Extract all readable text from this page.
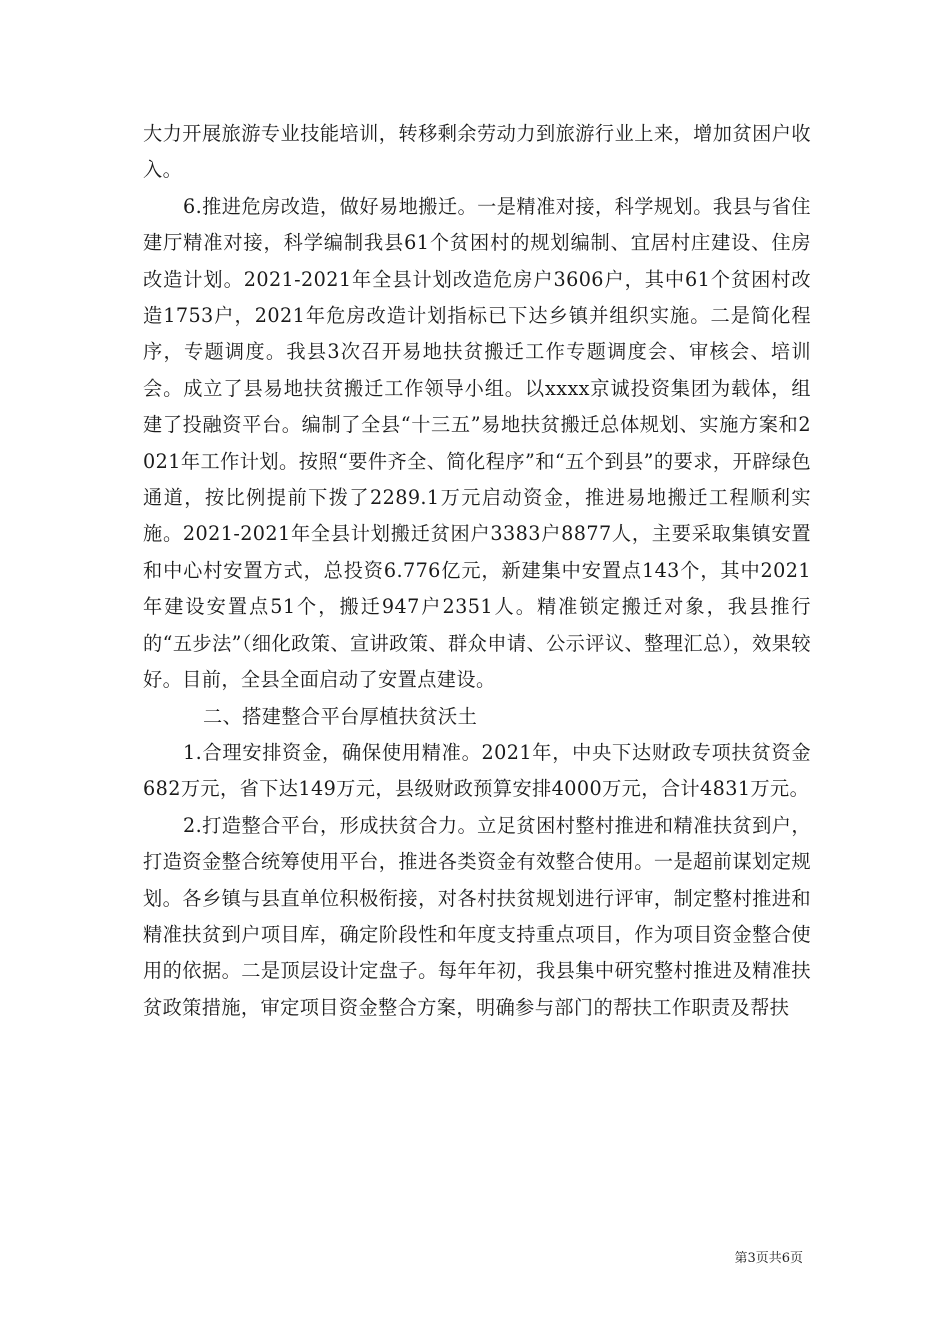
大力开展旅游专业技能培训，转移剩余劳动力到旅游行业上来，增加贫困户收入。

6.推进危房改造，做好易地搬迁。一是精准对接，科学规划。我县与省住建厅精准对接，科学编制我县61个贫困村的规划编制、宜居村庄建设、住房改造计划。2021-2021年全县计划改造危房户3606户，其中61个贫困村改造1753户，2021年危房改造计划指标已下达乡镇并组织实施。二是简化程序，专题调度。我县3次召开易地扶贫搬迁工作专题调度会、审核会、培训会。成立了县易地扶贫搬迁工作领导小组。以xxxx京诚投资集团为载体，组建了投融资平台。编制了全县“十三五”易地扶贫搬迁总体规划、实施方案和2021年工作计划。按照“要件齐全、简化程序”和“五个到县”的要求，开辟绿色通道，按比例提前下拨了2289.1万元启动资金，推进易地搬迁工程顺利实施。2021-2021年全县计划搬迁贫困户3383户8877人，主要采取集镇安置和中心村安置方式，总投资6.776亿元，新建集中安置点143个，其中2021年建设安置点51个，搬迁947户2351人。精准锁定搬迁对象，我县推行的“五步法”（细化政策、宣讲政策、群众申请、公示评议、整理汇总），效果较好。目前，全县全面启动了安置点建设。

二、搭建整合平台厚植扶贫沃土

1.合理安排资金，确保使用精准。2021年，中央下达财政专项扶贫资金682万元，省下达149万元，县级财政预算安排4000万元，合计4831万元。

2.打造整合平台，形成扶贫合力。立足贫困村整村推进和精准扶贫到户，打造资金整合统筹使用平台，推进各类资金有效整合使用。一是超前谋划定规划。各乡镇与县直单位积极衔接，对各村扶贫规划进行评审，制定整村推进和精准扶贫到户项目库，确定阶段性和年度支持重点项目，作为项目资金整合使用的依据。二是顶层设计定盘子。每年年初，我县集中研究整村推进及精准扶贫政策措施，审定项目资金整合方案，明确参与部门的帮扶工作职责及帮扶

第3页共6页
